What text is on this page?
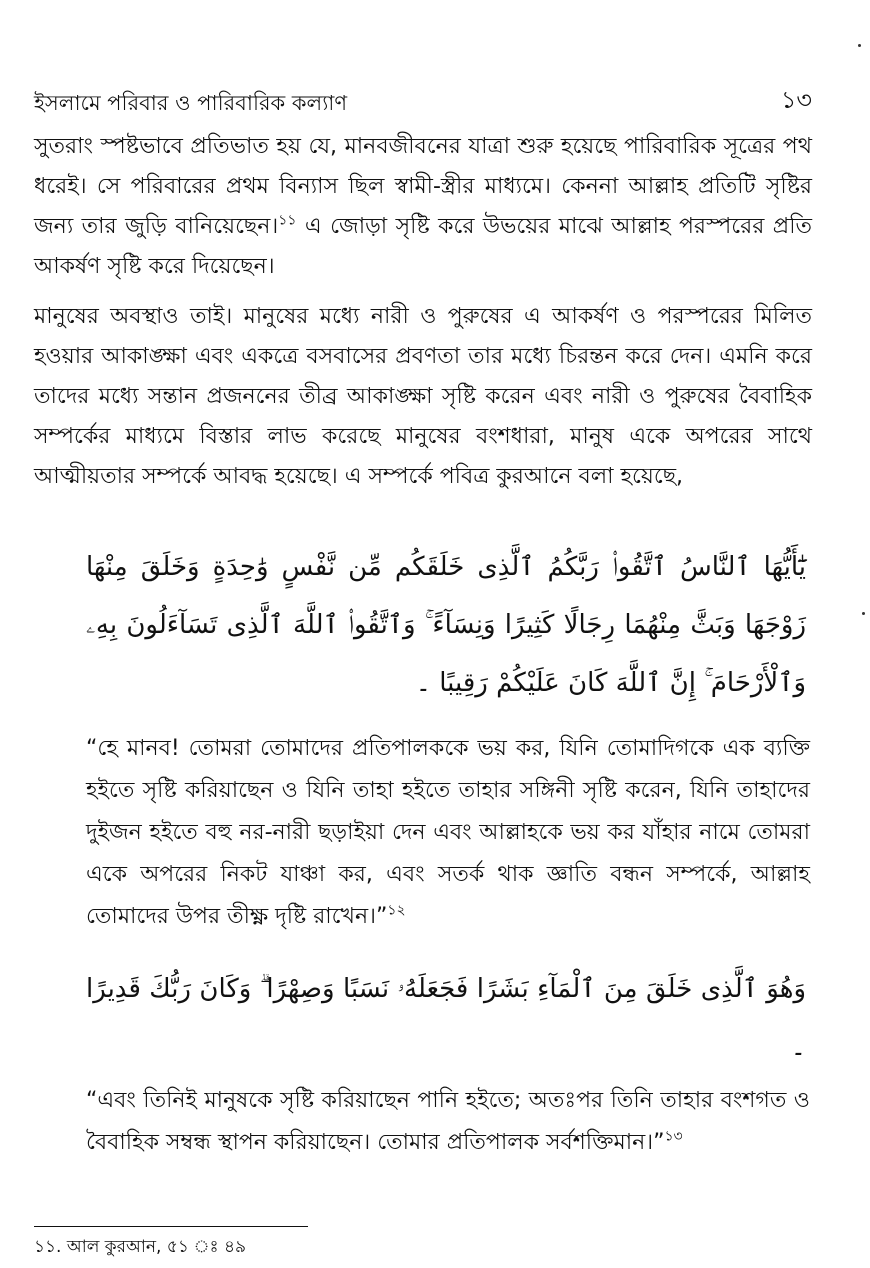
ইসলামে পরিবার ও পারিবারিক কল্যাণ	১৩

সুতরাং স্পষ্টভাবে প্রতিভাত হয় যে, মানবজীবনের যাত্রা শুরু হয়েছে পারিবারিক সূত্রের পথ ধরেই। সে পরিবারের প্রথম বিন্যাস ছিল স্বামী-স্ত্রীর মাধ্যমে। কেননা আল্লাহ প্রতিটি সৃষ্টির জন্য তার জুড়ি বানিয়েছেন।$^{১১}$ এ জোড়া সৃষ্টি করে উভয়ের মাঝে আল্লাহ পরস্পরের প্রতি আকর্ষণ সৃষ্টি করে দিয়েছেন।

মানুষের অবস্থাও তাই। মানুষের মধ্যে নারী ও পুরুষের এ আকর্ষণ ও পরস্পরের মিলিত হওয়ার আকাঙ্ক্ষা এবং একত্রে বসবাসের প্রবণতা তার মধ্যে চিরন্তন করে দেন। এমনি করে তাদের মধ্যে সন্তান প্রজননের তীব্র আকাঙ্ক্ষা সৃষ্টি করেন এবং নারী ও পুরুষের বৈবাহিক সম্পর্কের মাধ্যমে বিস্তার লাভ করেছে মানুষের বংশধারা, মানুষ একে অপরের সাথে আত্মীয়তার সম্পর্কে আবদ্ধ হয়েছে। এ সম্পর্কে পবিত্র কুরআনে বলা হয়েছে,

يَٰٓأَيُّهَا ٱلنَّاسُ ٱتَّقُوا۟ رَبَّكُمُ ٱلَّذِى خَلَقَكُم مِّن نَّفْسٍ وَٰحِدَةٍ وَخَلَقَ مِنْهَا زَوْجَهَا وَبَثَّ مِنْهُمَا رِجَالًا كَثِيرًا وَنِسَآءً ۚ وَٱتَّقُوا۟ ٱللَّهَ ٱلَّذِى تَسَآءَلُونَ بِهِۦ وَٱلْأَرْحَامَ ۚ إِنَّ ٱللَّهَ كَانَ عَلَيْكُمْ رَقِيبًا ۔

“হে মানব! তোমরা তোমাদের প্রতিপালককে ভয় কর, যিনি তোমাদিগকে এক ব্যক্তি হইতে সৃষ্টি করিয়াছেন ও যিনি তাহা হইতে তাহার সঙ্গিনী সৃষ্টি করেন, যিনি তাহাদের দুইজন হইতে বহু নর-নারী ছড়াইয়া দেন এবং আল্লাহকে ভয় কর যাঁহার নামে তোমরা একে অপরের নিকট যাঞ্চা কর, এবং সতর্ক থাক জ্ঞাতি বন্ধন সম্পর্কে, আল্লাহ তোমাদের উপর তীক্ষ্ণ দৃষ্টি রাখেন।”$^{১২}$

وَهُوَ ٱلَّذِى خَلَقَ مِنَ ٱلْمَآءِ بَشَرًا فَجَعَلَهُۥ نَسَبًا وَصِهْرًا ۗ وَكَانَ رَبُّكَ قَدِيرًا ۔

“এবং তিনিই মানুষকে সৃষ্টি করিয়াছেন পানি হইতে; অতঃপর তিনি তাহার বংশগত ও বৈবাহিক সম্বন্ধ স্থাপন করিয়াছেন। তোমার প্রতিপালক সর্বশক্তিমান।”$^{১৩}$

১১. আল কুরআন, ৫১ ঃ ৪৯
